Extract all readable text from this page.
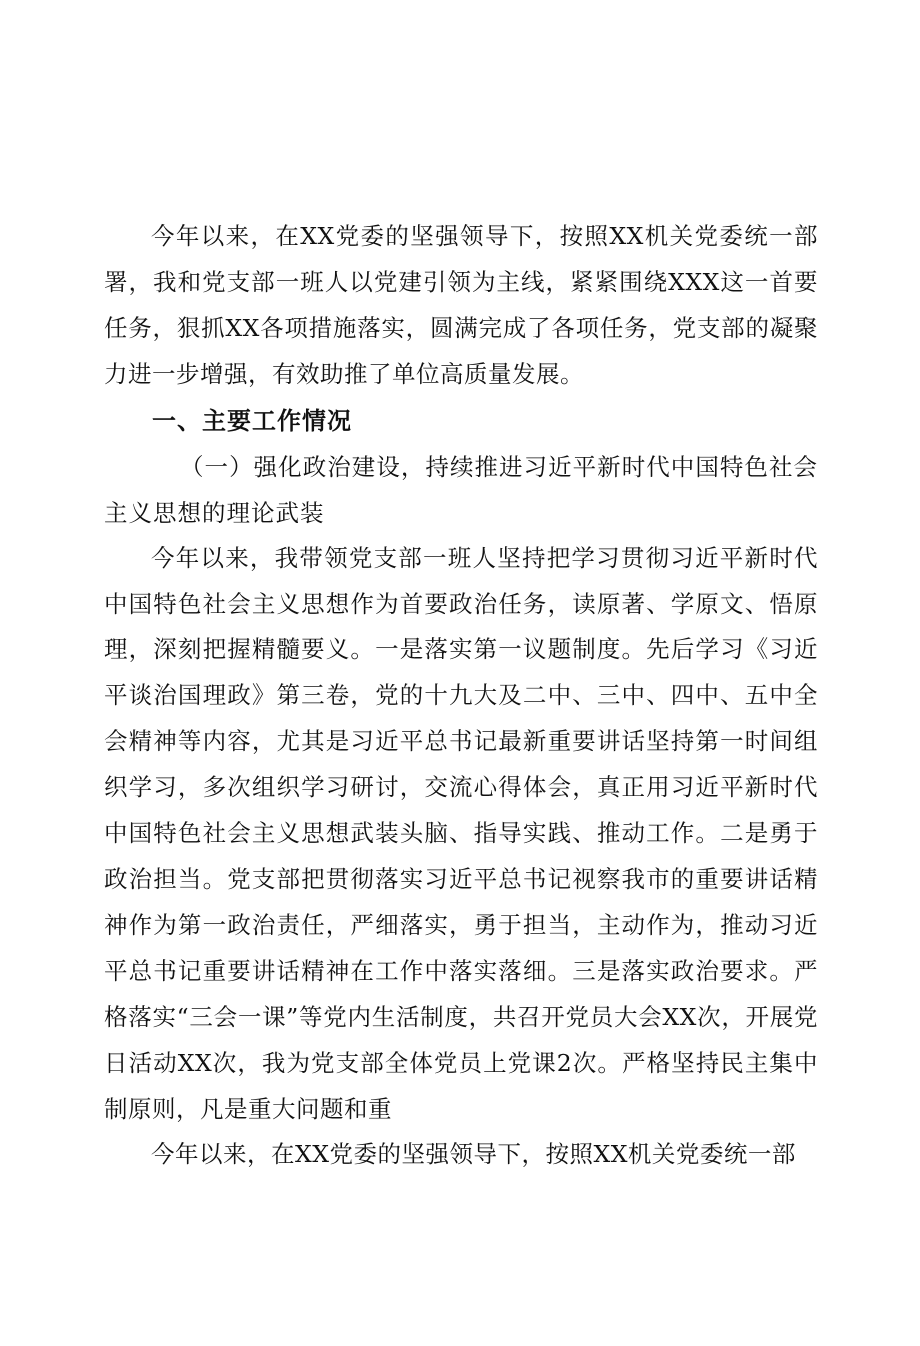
今年以来，在XX党委的坚强领导下，按照XX机关党委统一部署，我和党支部一班人以党建引领为主线，紧紧围绕XXX这一首要任务，狠抓XX各项措施落实，圆满完成了各项任务，党支部的凝聚力进一步增强，有效助推了单位高质量发展。

一、主要工作情况

（一）强化政治建设，持续推进习近平新时代中国特色社会主义思想的理论武装

今年以来，我带领党支部一班人坚持把学习贯彻习近平新时代中国特色社会主义思想作为首要政治任务，读原著、学原文、悟原理，深刻把握精髓要义。一是落实第一议题制度。先后学习《习近平谈治国理政》第三卷，党的十九大及二中、三中、四中、五中全会精神等内容，尤其是习近平总书记最新重要讲话坚持第一时间组织学习，多次组织学习研讨，交流心得体会，真正用习近平新时代中国特色社会主义思想武装头脑、指导实践、推动工作。二是勇于政治担当。党支部把贯彻落实习近平总书记视察我市的重要讲话精神作为第一政治责任，严细落实，勇于担当，主动作为，推动习近平总书记重要讲话精神在工作中落实落细。三是落实政治要求。严格落实“三会一课”等党内生活制度，共召开党员大会XX次，开展党日活动XX次，我为党支部全体党员上党课2次。严格坚持民主集中制原则，凡是重大问题和重

今年以来，在XX党委的坚强领导下，按照XX机关党委统一部
